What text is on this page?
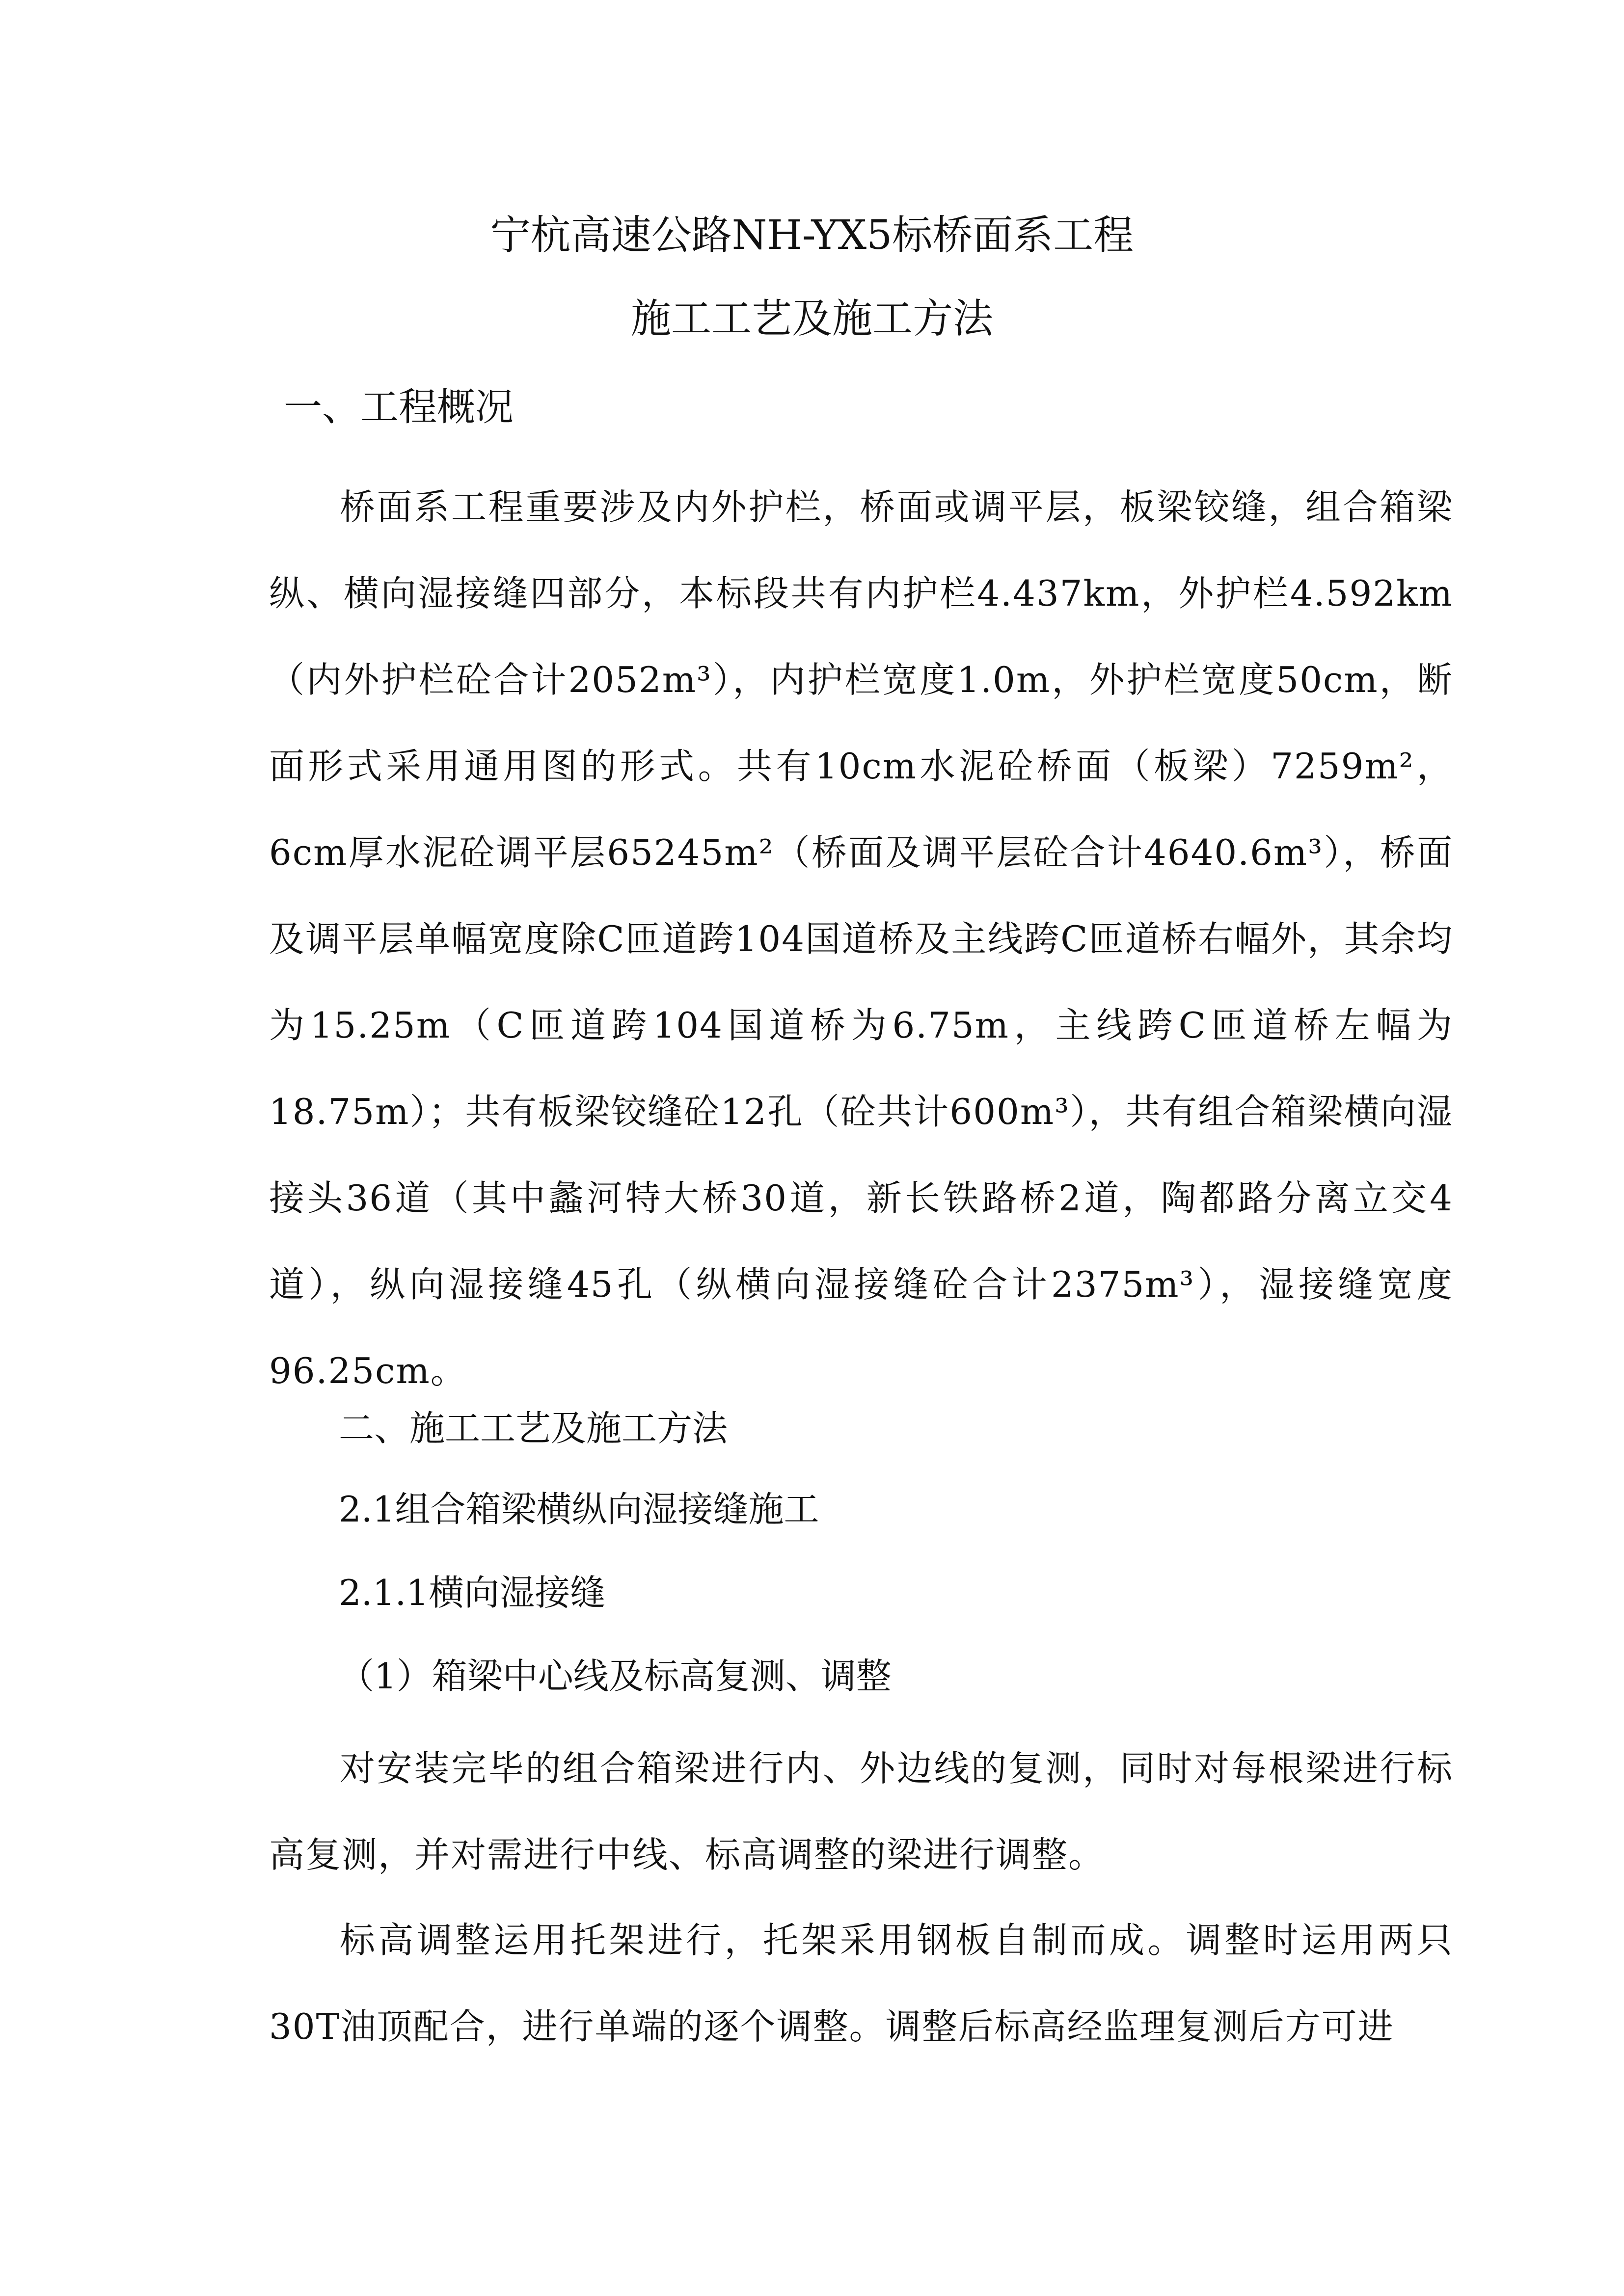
宁杭高速公路NH-YX5标桥面系工程
施工工艺及施工方法
一、工程概况
桥面系工程重要涉及内外护栏，桥面或调平层，板梁铰缝，组合箱梁纵、横向湿接缝四部分，本标段共有内护栏4.437km，外护栏4.592km（内外护栏砼合计2052m³），内护栏宽度1.0m，外护栏宽度50cm，断面形式采用通用图的形式。共有10cm水泥砼桥面（板梁）7259m²，6cm厚水泥砼调平层65245m²（桥面及调平层砼合计4640.6m³），桥面及调平层单幅宽度除C匝道跨104国道桥及主线跨C匝道桥右幅外，其余均为15.25m（C匝道跨104国道桥为6.75m，主线跨C匝道桥左幅为18.75m）；共有板梁铰缝砼12孔（砼共计600m³），共有组合箱梁横向湿接头36道（其中蠡河特大桥30道，新长铁路桥2道，陶都路分离立交4道），纵向湿接缝45孔（纵横向湿接缝砼合计2375m³），湿接缝宽度96.25cm。
二、施工工艺及施工方法
2.1组合箱梁横纵向湿接缝施工
2.1.1横向湿接缝
（1）箱梁中心线及标高复测、调整
对安装完毕的组合箱梁进行内、外边线的复测，同时对每根梁进行标高复测，并对需进行中线、标高调整的梁进行调整。
标高调整运用托架进行，托架采用钢板自制而成。调整时运用两只30T油顶配合，进行单端的逐个调整。调整后标高经监理复测后方可进
